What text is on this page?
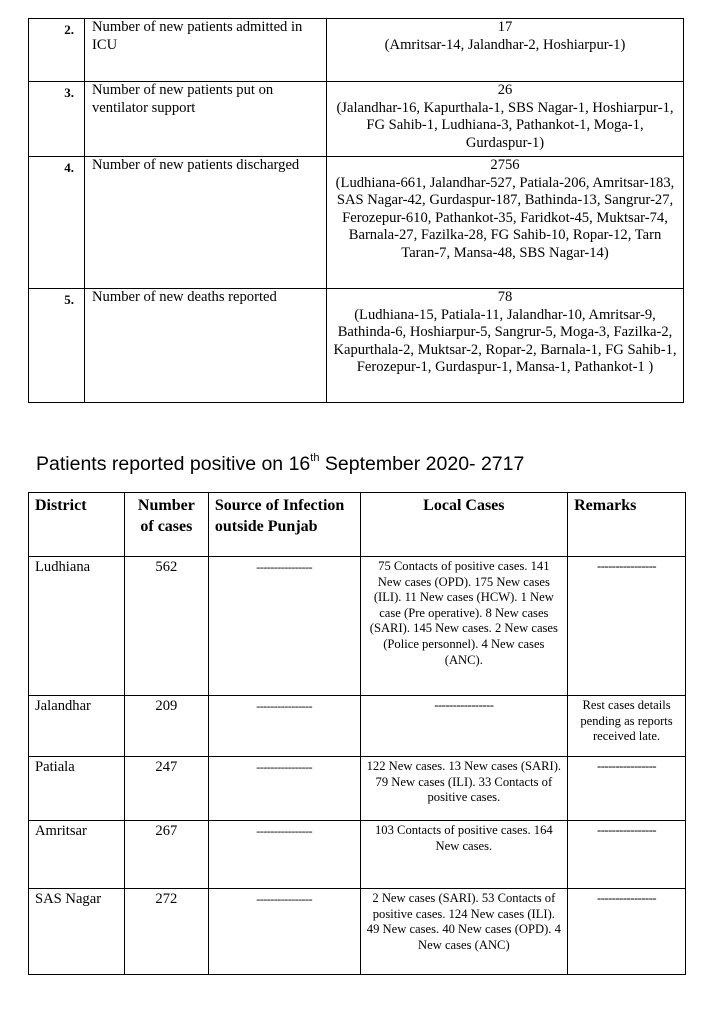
2.	Number of new patients admitted in ICU	17
(Amritsar-14, Jalandhar-2, Hoshiarpur-1)

3.	Number of new patients put on ventilator support	26
(Jalandhar-16, Kapurthala-1, SBS Nagar-1, Hoshiarpur-1, FG Sahib-1, Ludhiana-3, Pathankot-1, Moga-1, Gurdaspur-1)

4.	Number of new patients discharged	2756
(Ludhiana-661, Jalandhar-527, Patiala-206, Amritsar-183, SAS Nagar-42, Gurdaspur-187, Bathinda-13, Sangrur-27, Ferozepur-610, Pathankot-35, Faridkot-45, Muktsar-74, Barnala-27, Fazilka-28, FG Sahib-10, Ropar-12, Tarn Taran-7, Mansa-48, SBS Nagar-14)

5.	Number of new deaths reported	78
(Ludhiana-15, Patiala-11, Jalandhar-10, Amritsar-9, Bathinda-6, Hoshiarpur-5, Sangrur-5, Moga-3, Fazilka-2, Kapurthala-2, Muktsar-2, Ropar-2, Barnala-1, FG Sahib-1, Ferozepur-1, Gurdaspur-1, Mansa-1, Pathankot-1 )
Patients reported positive on 16th September 2020- 2717
District	Number of cases	Source of Infection outside Punjab	Local Cases	Remarks
Ludhiana	562	----------------	75 Contacts of positive cases. 141 New cases (OPD). 175 New cases (ILI). 11 New cases (HCW). 1 New case (Pre operative). 8 New cases (SARI). 145 New cases. 2 New cases (Police personnel). 4 New cases (ANC).	----------------
Jalandhar	209	----------------	----------------	Rest cases details pending as reports received late.
Patiala	247	----------------	122 New cases. 13 New cases (SARI). 79 New cases (ILI). 33 Contacts of positive cases.	----------------
Amritsar	267	----------------	103 Contacts of positive cases. 164 New cases.	----------------
SAS Nagar	272	----------------	2 New cases (SARI). 53 Contacts of positive cases. 124 New cases (ILI). 49 New cases. 40 New cases (OPD). 4 New cases (ANC)	----------------
